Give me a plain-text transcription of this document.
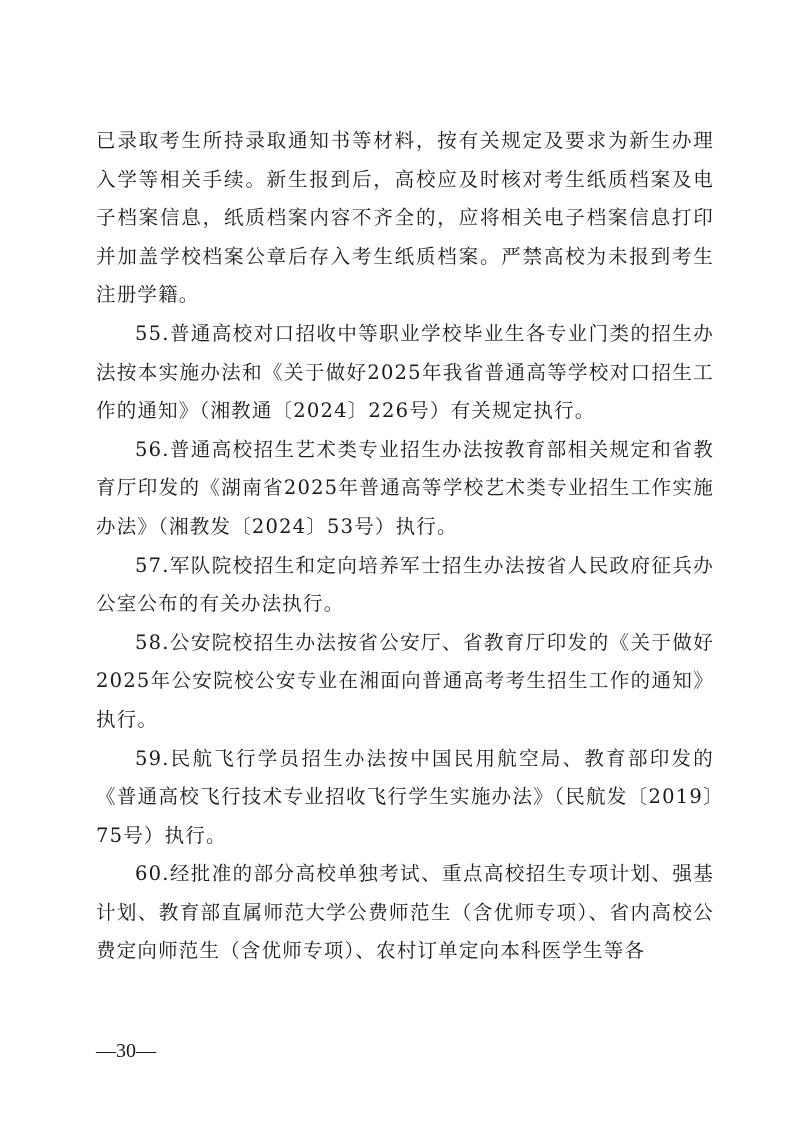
已录取考生所持录取通知书等材料，按有关规定及要求为新生办理入学等相关手续。新生报到后，高校应及时核对考生纸质档案及电子档案信息，纸质档案内容不齐全的，应将相关电子档案信息打印并加盖学校档案公章后存入考生纸质档案。严禁高校为未报到考生注册学籍。

55.普通高校对口招收中等职业学校毕业生各专业门类的招生办法按本实施办法和《关于做好2025年我省普通高等学校对口招生工作的通知》（湘教通〔2024〕226号）有关规定执行。

56.普通高校招生艺术类专业招生办法按教育部相关规定和省教育厅印发的《湖南省2025年普通高等学校艺术类专业招生工作实施办法》（湘教发〔2024〕53号）执行。

57.军队院校招生和定向培养军士招生办法按省人民政府征兵办公室公布的有关办法执行。

58.公安院校招生办法按省公安厅、省教育厅印发的《关于做好2025年公安院校公安专业在湘面向普通高考考生招生工作的通知》执行。

59.民航飞行学员招生办法按中国民用航空局、教育部印发的《普通高校飞行技术专业招收飞行学生实施办法》（民航发〔2019〕75号）执行。

60.经批准的部分高校单独考试、重点高校招生专项计划、强基计划、教育部直属师范大学公费师范生（含优师专项）、省内高校公费定向师范生（含优师专项）、农村订单定向本科医学生等各

—30—
